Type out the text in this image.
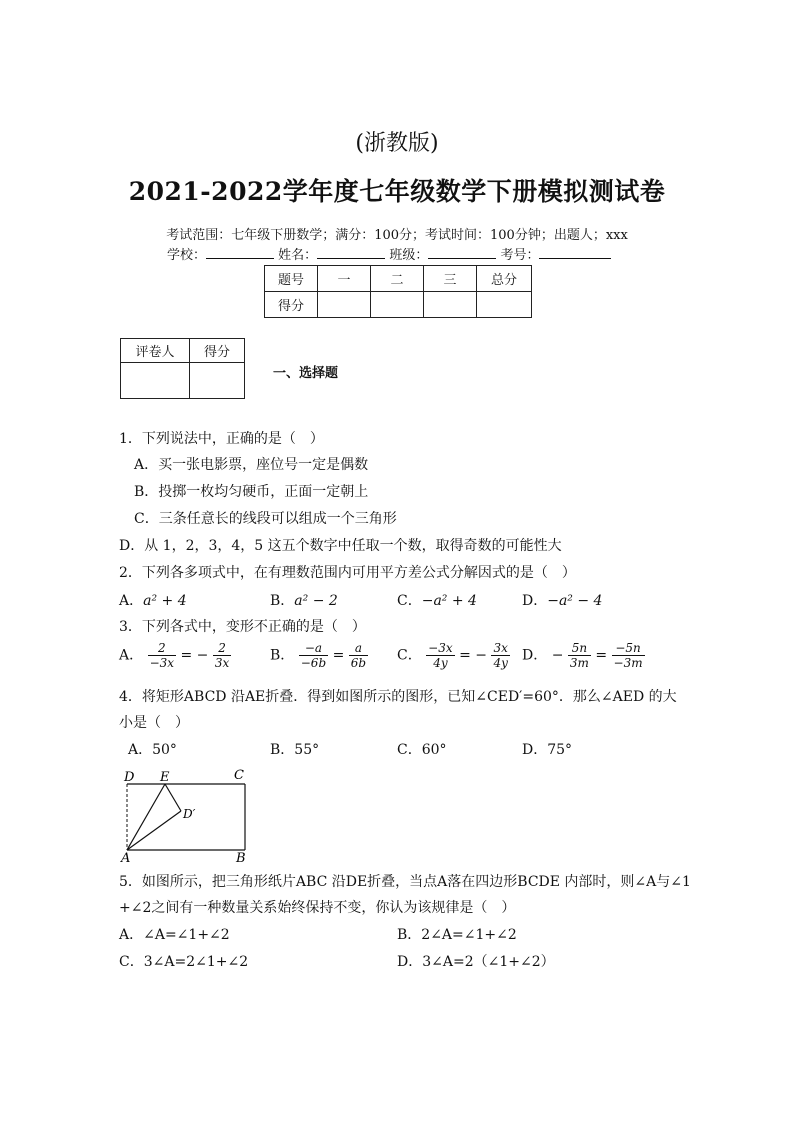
(浙教版)
2021-2022学年度七年级数学下册模拟测试卷
考试范围：七年级下册数学；满分：100分；考试时间：100分钟；出题人；xxx
学校：	姓名：	班级：	考号：
题号	一	二	三	总分
得分				
评卷人	得分

一、选择题
1．下列说法中，正确的是（　）
A．买一张电影票，座位号一定是偶数
B．投掷一枚均匀硬币，正面一定朝上
C．三条任意长的线段可以组成一个三角形
D．从 1，2，3，4，5 这五个数字中任取一个数，取得奇数的可能性大
2．下列各多项式中，在有理数范围内可用平方差公式分解因式的是（　）
A．a² + 4	B．a² − 2	C．−a² + 4	D．−a² − 4
3．下列各式中，变形不正确的是（　）
A． $\frac{2}{-3x}$ = − $\frac{2}{3x}$	B． $\frac{-a}{-6b} = \frac{a}{6b}$ C． $\frac{-3x}{4y}$ = − $\frac{3x}{4y}$ D． − $\frac{5n}{3m} = \frac{-5n}{-3m}$
4．将矩形ABCD 沿AE折叠．得到如图所示的图形，已知∠CED′=60°．那么∠AED 的大
小是（　）
A．50°	B．55°	C．60°	D．75°
D E	C
D′
A	B
5．如图所示，把三角形纸片ABC 沿DE折叠，当点A落在四边形BCDE 内部时，则∠A与∠1
+∠2之间有一种数量关系始终保持不变，你认为该规律是（　）
A．∠A=∠1+∠2	B．2∠A=∠1+∠2
C．3∠A=2∠1+∠2	D．3∠A=2（∠1+∠2）
